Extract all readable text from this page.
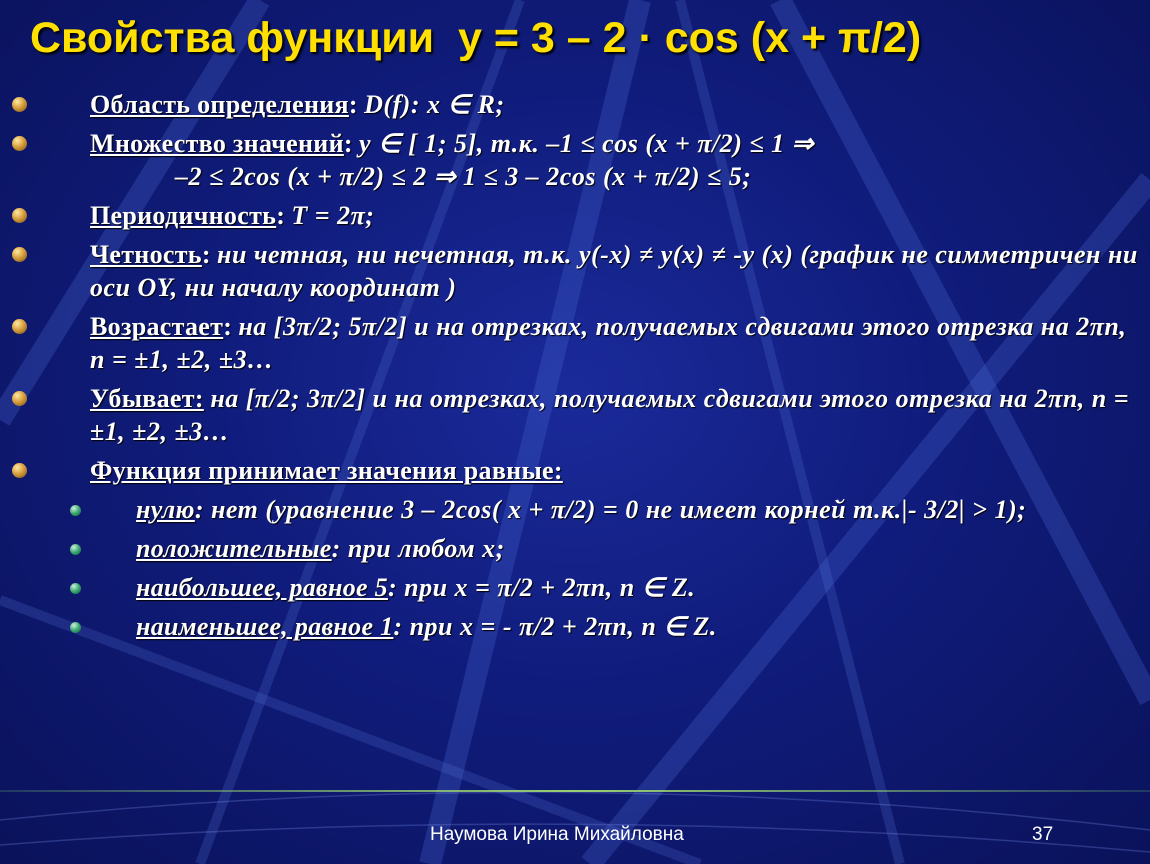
Свойства функции  y = 3 – 2 · cos (x + π/2)
Область определения: D(f): x ∈ R;
Множество значений: y ∈ [ 1; 5], т.к. –1 ≤ cos (x + π/2) ≤ 1 ⇒
–2 ≤ 2cos (x + π/2) ≤ 2 ⇒ 1 ≤ 3 – 2cos (x + π/2) ≤ 5;
Периодичность: T = 2π;
Четность: ни четная, ни нечетная, т.к. y(-x) ≠ y(x) ≠ -y (x) (график не симметричен ни оси ОY, ни началу координат )
Возрастает: на [3π/2; 5π/2] и на отрезках, получаемых сдвигами этого отрезка на 2πn, n = ±1, ±2, ±3…
Убывает: на [π/2; 3π/2] и на отрезках, получаемых сдвигами этого отрезка на 2πn, n = ±1, ±2, ±3…
Функция принимает значения равные:
нулю: нет (уравнение 3 – 2cos( x + π/2) = 0 не имеет корней т.к.|- 3/2| > 1);
положительные: при любом x;
наибольшее, равное 5: при x = π/2 + 2πn, n ∈ Z.
наименьшее, равное 1: при x = - π/2 + 2πn, n ∈ Z.
Наумова Ирина Михайловна	37
